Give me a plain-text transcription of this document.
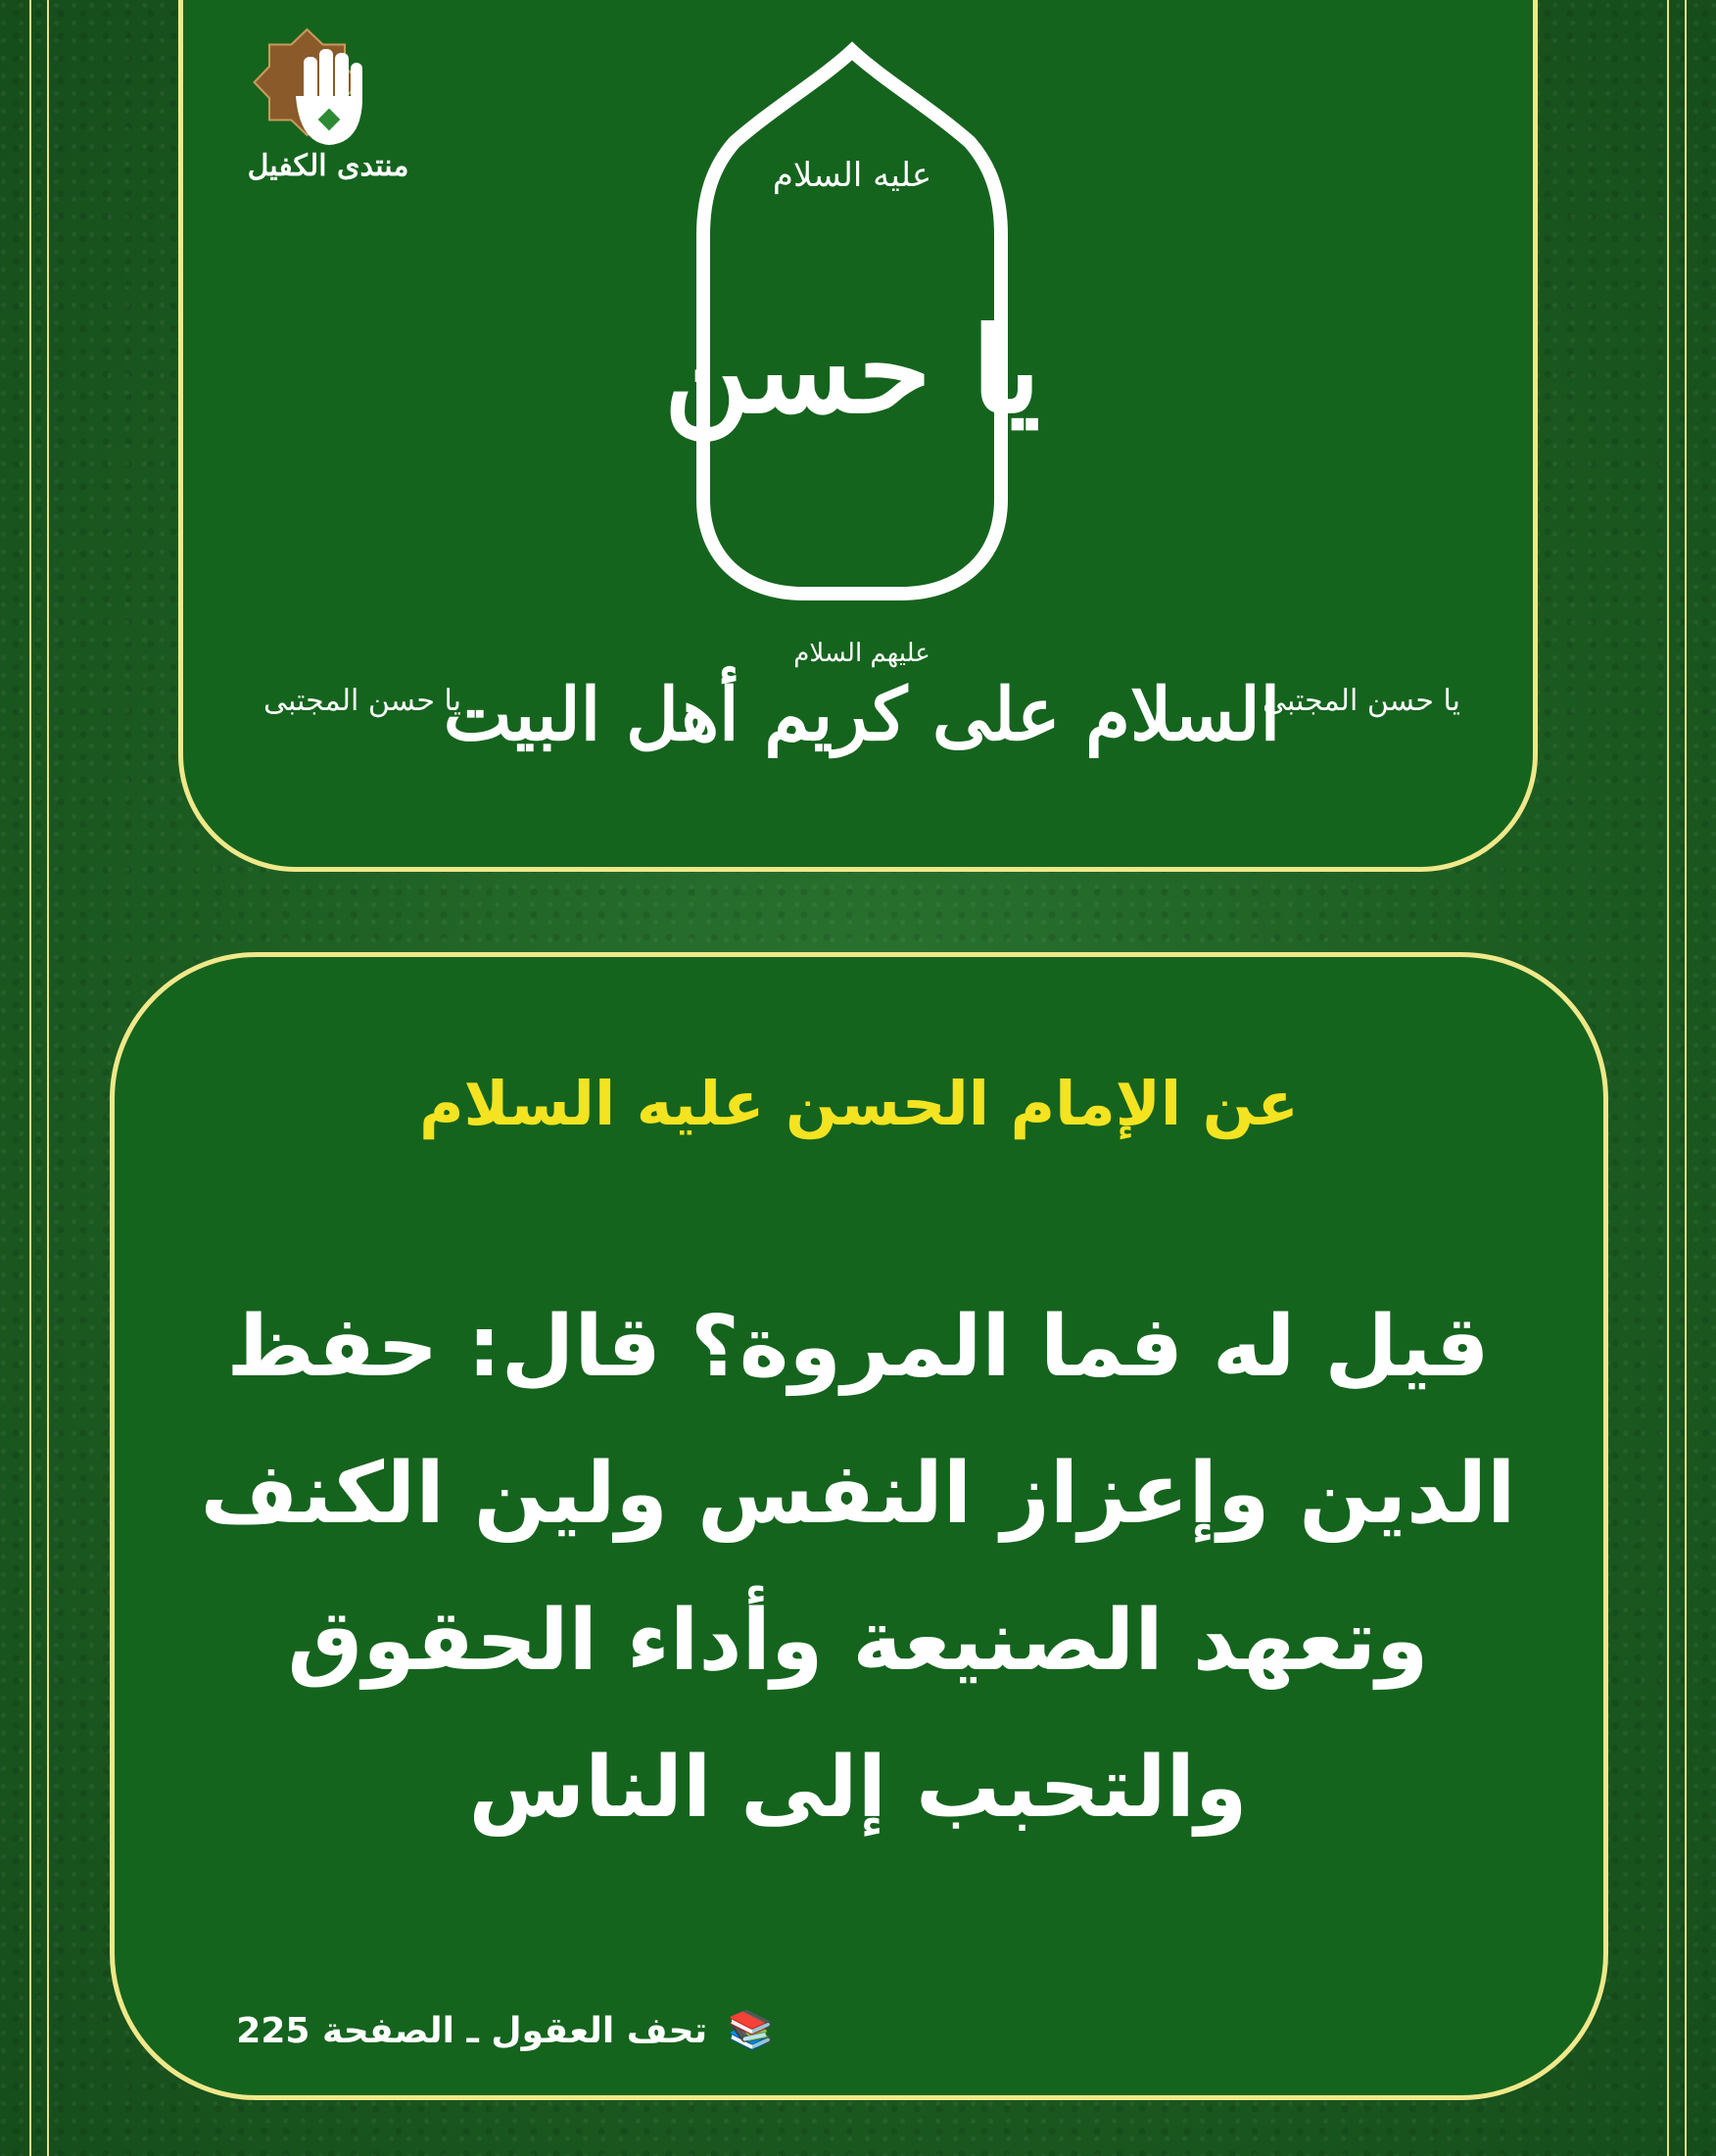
منتدى الكفيل	عليه السلام
يا حسن
يا حسن المجتبى	يا حسن المجتبى
عليهم السلام
السلام على كريم أهل البيت
عن الإمام الحسن عليه السلام
قيل له فما المروة؟ قال: حفظ الدين وإعزاز النفس ولين الكنف وتعهد الصنيعة وأداء الحقوق والتحبب إلى الناس
📚 تحف العقول ـ الصفحة 225
